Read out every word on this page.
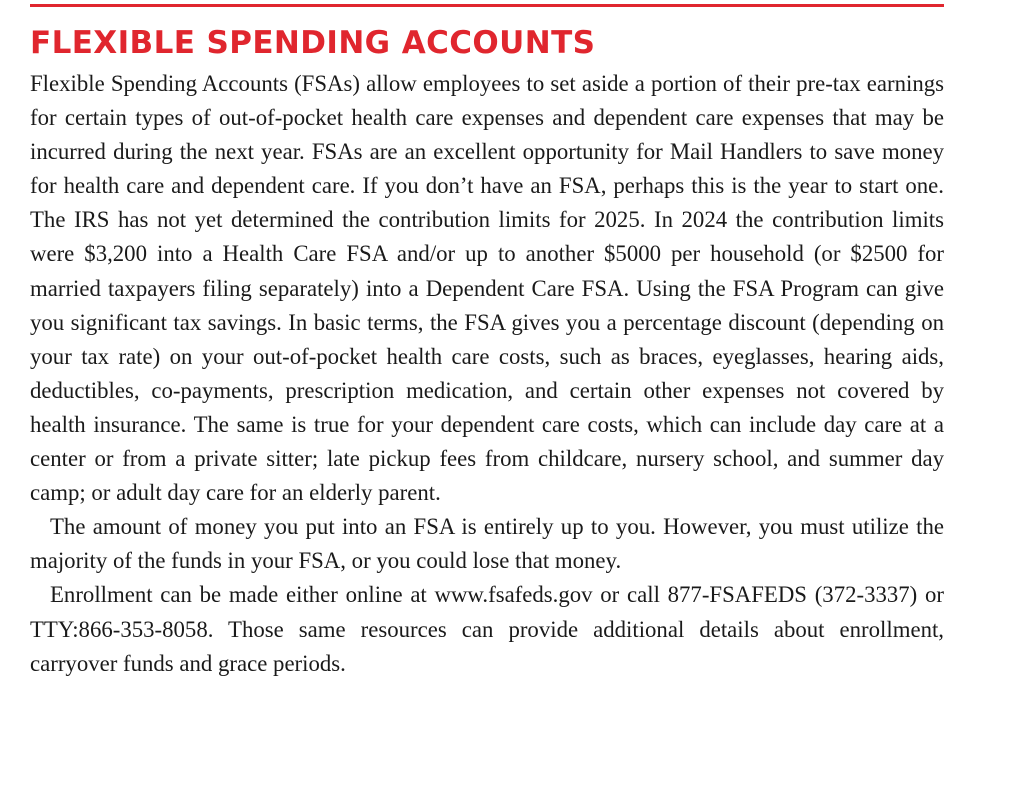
FLEXIBLE SPENDING ACCOUNTS

Flexible Spending Accounts (FSAs) allow employees to set aside a portion of their pre-tax earnings for certain types of out-of-pocket health care expenses and dependent care expenses that may be incurred during the next year. FSAs are an excellent opportunity for Mail Handlers to save money for health care and dependent care. If you don’t have an FSA, perhaps this is the year to start one. The IRS has not yet determined the contribution limits for 2025. In 2024 the contribution limits were $3,200 into a Health Care FSA and/or up to another $5000 per household (or $2500 for married taxpayers filing separately) into a Dependent Care FSA. Using the FSA Program can give you significant tax savings. In basic terms, the FSA gives you a percentage discount (depending on your tax rate) on your out-of-pocket health care costs, such as braces, eyeglasses, hearing aids, deductibles, co-payments, prescription medication, and certain other expenses not covered by health insurance. The same is true for your dependent care costs, which can include day care at a center or from a private sitter; late pickup fees from childcare, nursery school, and summer day camp; or adult day care for an elderly parent.

The amount of money you put into an FSA is entirely up to you. However, you must utilize the majority of the funds in your FSA, or you could lose that money.

Enrollment can be made either online at www.fsafeds.gov or call 877-FSAFEDS (372-3337) or TTY:866-353-8058. Those same resources can provide additional details about enrollment, carryover funds and grace periods.
